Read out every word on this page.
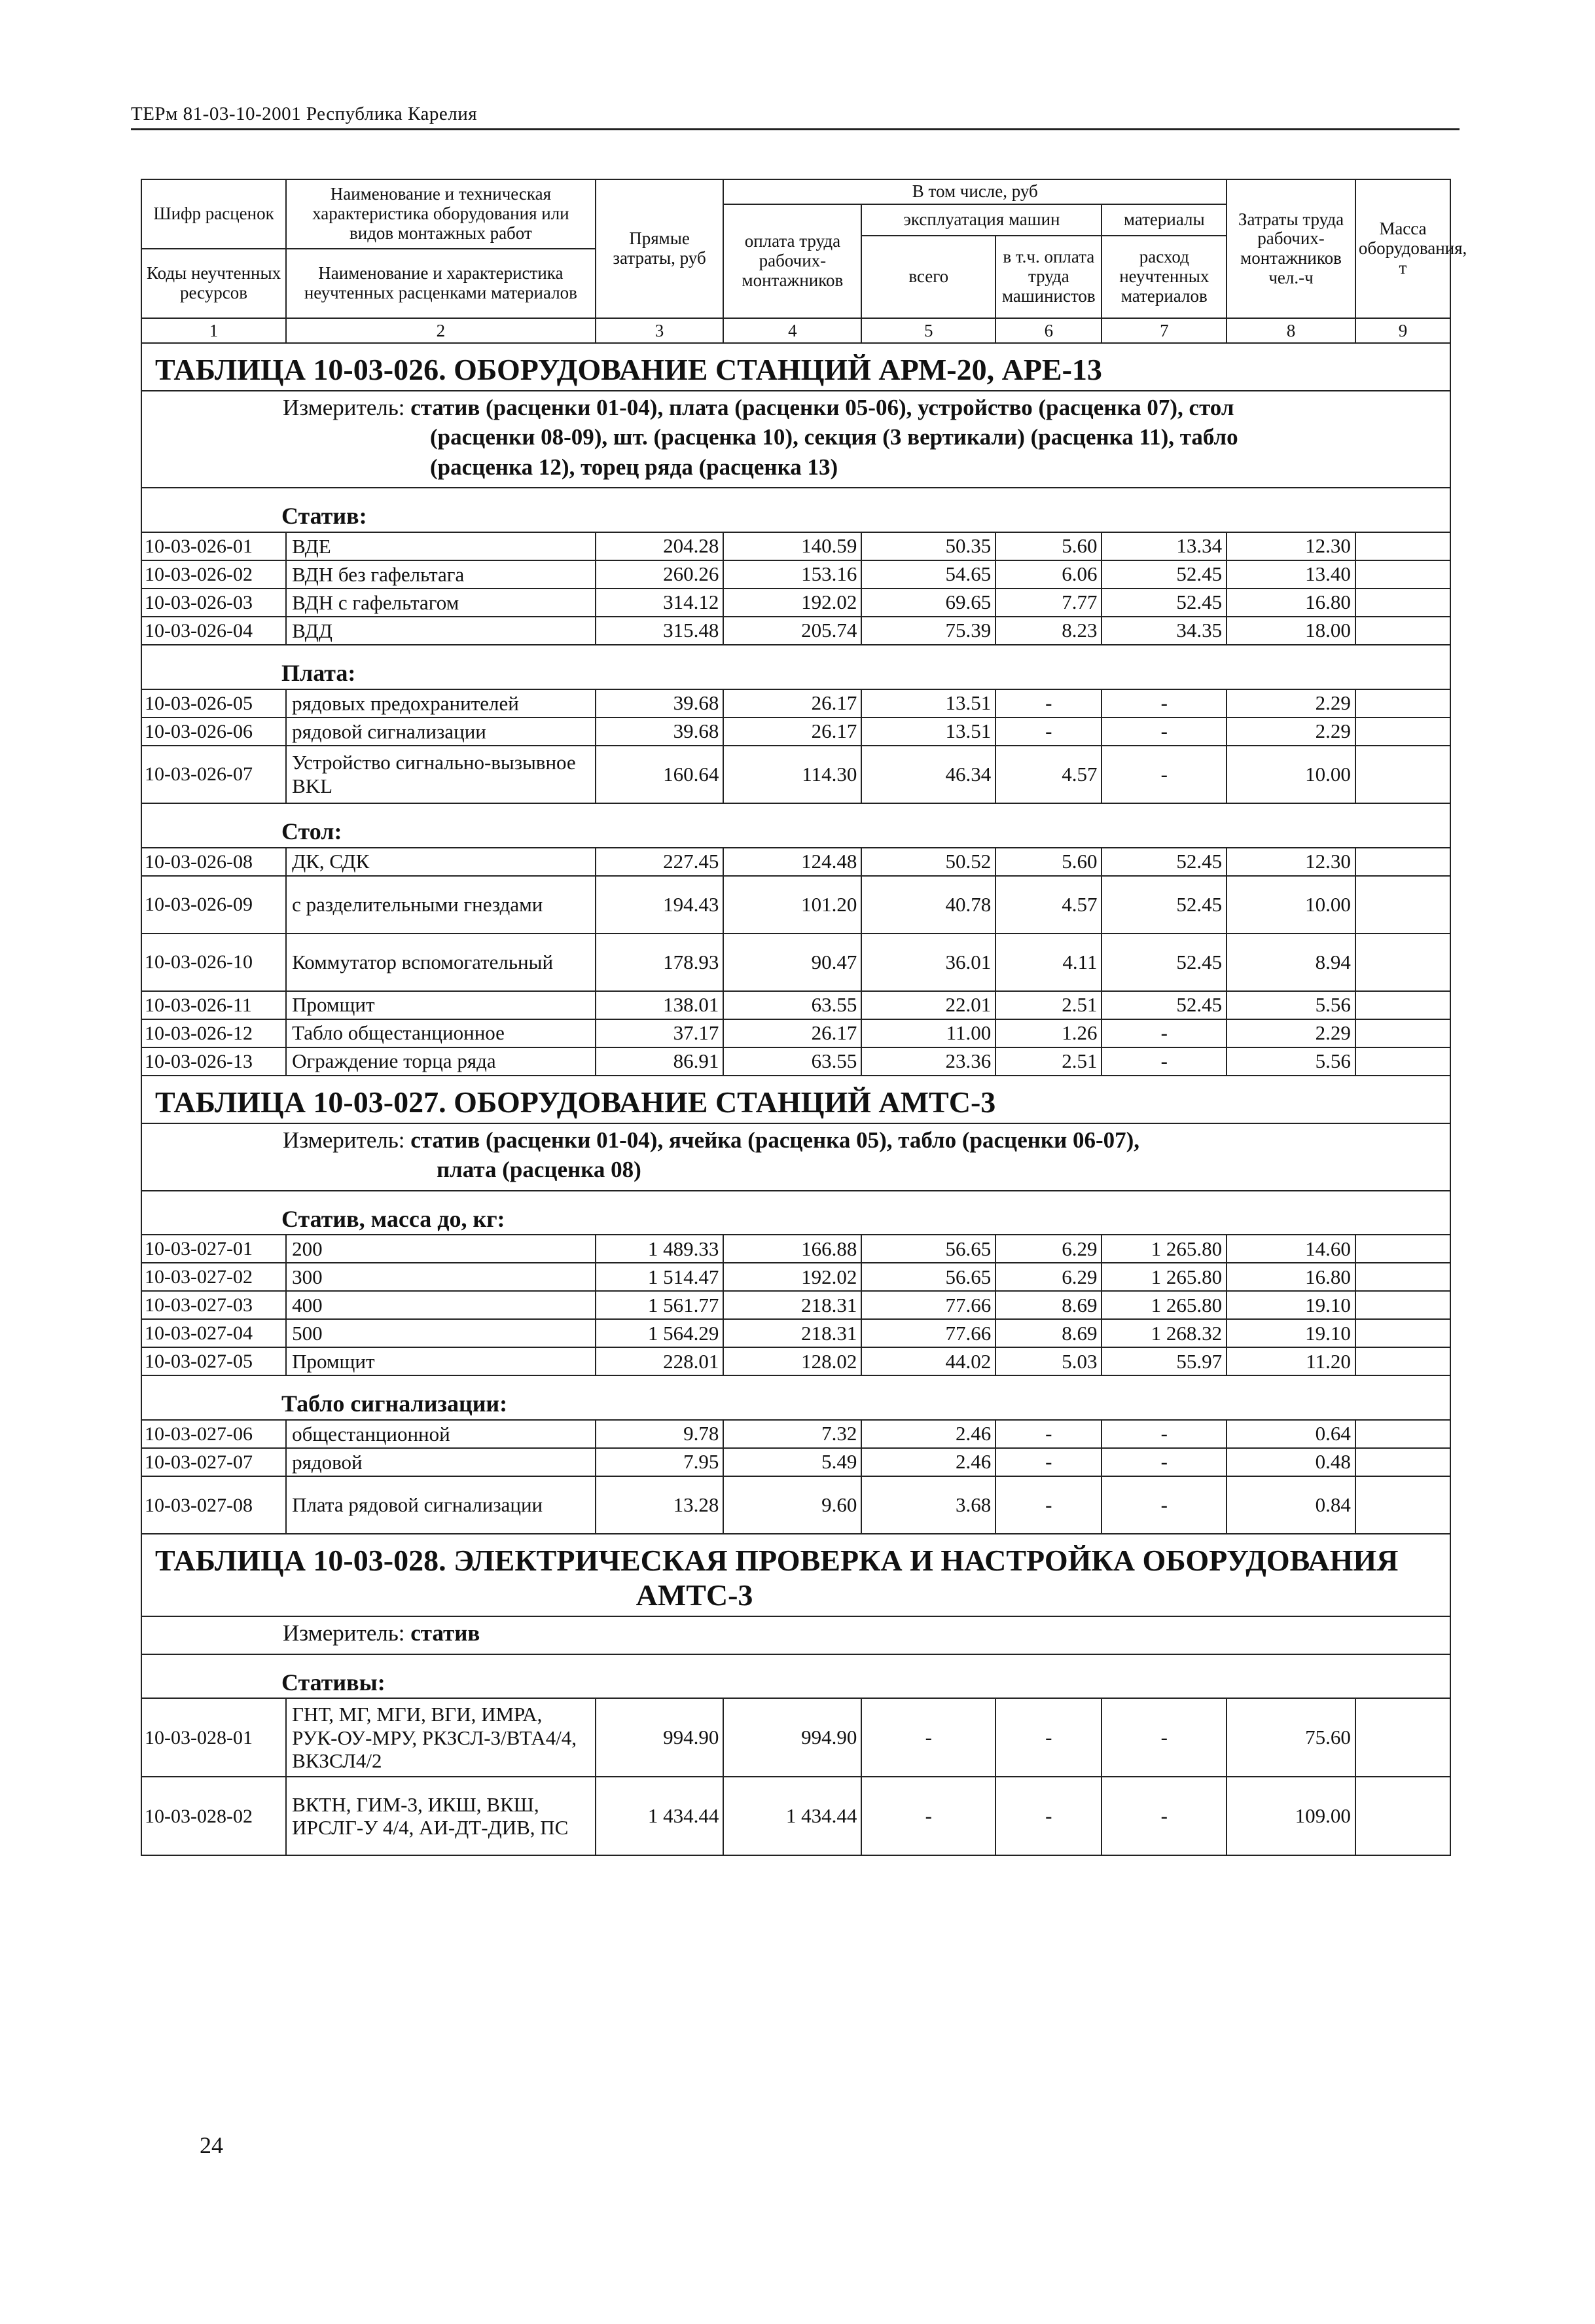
ТЕРм 81-03-10-2001 Республика Карелия
Шифр расценок	Наименование и техническая характеристика оборудования или видов монтажных работ	Прямые затраты, руб	В том числе, руб				Затраты труда рабочих-монтажников чел.-ч	Масса оборудования, т
			оплата труда рабочих-монтажников	эксплуатация машин		материалы		
				всего	в т.ч. оплата труда машинистов	расход неучтенных материалов		
Коды неучтенных ресурсов	Наименование и характеристика неучтенных расценками материалов							

1	2	3	4	5	6	7	8	9
ТАБЛИЦА 10-03-026. ОБОРУДОВАНИЕ СТАНЦИЙ АРМ-20, АРЕ-13								
Измеритель: статив (расценки 01-04), плата (расценки 05-06), устройство (расценка 07), стол
(расценки 08-09), шт. (расценка 10), секция (3 вертикали) (расценка 11), табло
(расценка 12), торец ряда (расценка 13)								
Статив:								
10-03-026-01	ВДЕ	204.28	140.59	50.35	5.60	13.34	12.30	
10-03-026-02	ВДН без гафельтага	260.26	153.16	54.65	6.06	52.45	13.40	
10-03-026-03	ВДН с гафельтагом	314.12	192.02	69.65	7.77	52.45	16.80	
10-03-026-04	ВДД	315.48	205.74	75.39	8.23	34.35	18.00	
Плата:								
10-03-026-05	рядовых предохранителей	39.68	26.17	13.51	-	-	2.29	
10-03-026-06	рядовой сигнализации	39.68	26.17	13.51	-	-	2.29	
10-03-026-07	Устройство сигнально-вызывное BKL	160.64	114.30	46.34	4.57	-	10.00	
Стол:								
10-03-026-08	ДК, СДК	227.45	124.48	50.52	5.60	52.45	12.30	
10-03-026-09	с разделительными гнездами	194.43	101.20	40.78	4.57	52.45	10.00	
10-03-026-10	Коммутатор вспомогательный	178.93	90.47	36.01	4.11	52.45	8.94	
10-03-026-11	Промщит	138.01	63.55	22.01	2.51	52.45	5.56	
10-03-026-12	Табло общестанционное	37.17	26.17	11.00	1.26	-	2.29	
10-03-026-13	Ограждение торца ряда	86.91	63.55	23.36	2.51	-	5.56	
ТАБЛИЦА 10-03-027. ОБОРУДОВАНИЕ СТАНЦИЙ АМТС-3								
Измеритель: статив (расценки 01-04), ячейка (расценка 05), табло (расценки 06-07),
плата (расценка 08)								
Статив, масса до, кг:								
10-03-027-01	200	1 489.33	166.88	56.65	6.29	1 265.80	14.60	
10-03-027-02	300	1 514.47	192.02	56.65	6.29	1 265.80	16.80	
10-03-027-03	400	1 561.77	218.31	77.66	8.69	1 265.80	19.10	
10-03-027-04	500	1 564.29	218.31	77.66	8.69	1 268.32	19.10	
10-03-027-05	Промщит	228.01	128.02	44.02	5.03	55.97	11.20	
Табло сигнализации:								
10-03-027-06	общестанционной	9.78	7.32	2.46	-	-	0.64	
10-03-027-07	рядовой	7.95	5.49	2.46	-	-	0.48	
10-03-027-08	Плата рядовой сигнализации	13.28	9.60	3.68	-	-	0.84	
ТАБЛИЦА 10-03-028. ЭЛЕКТРИЧЕСКАЯ ПРОВЕРКА И НАСТРОЙКА ОБОРУДОВАНИЯ

АМТС-3								

Измеритель: статив								
Стативы:								
10-03-028-01	ГНТ, МГ, МГИ, ВГИ, ИМРА, РУК-ОУ-МРУ, РКЗСЛ-3/ВТА4/4, ВКЗСЛ4/2	994.90	994.90	-	-	-	75.60	
10-03-028-02	ВКТН, ГИМ-3, ИКШ, ВКШ, ИРСЛГ-У 4/4, АИ-ДТ-ДИВ, ПС	1 434.44	1 434.44	-	-	-	109.00	
24
